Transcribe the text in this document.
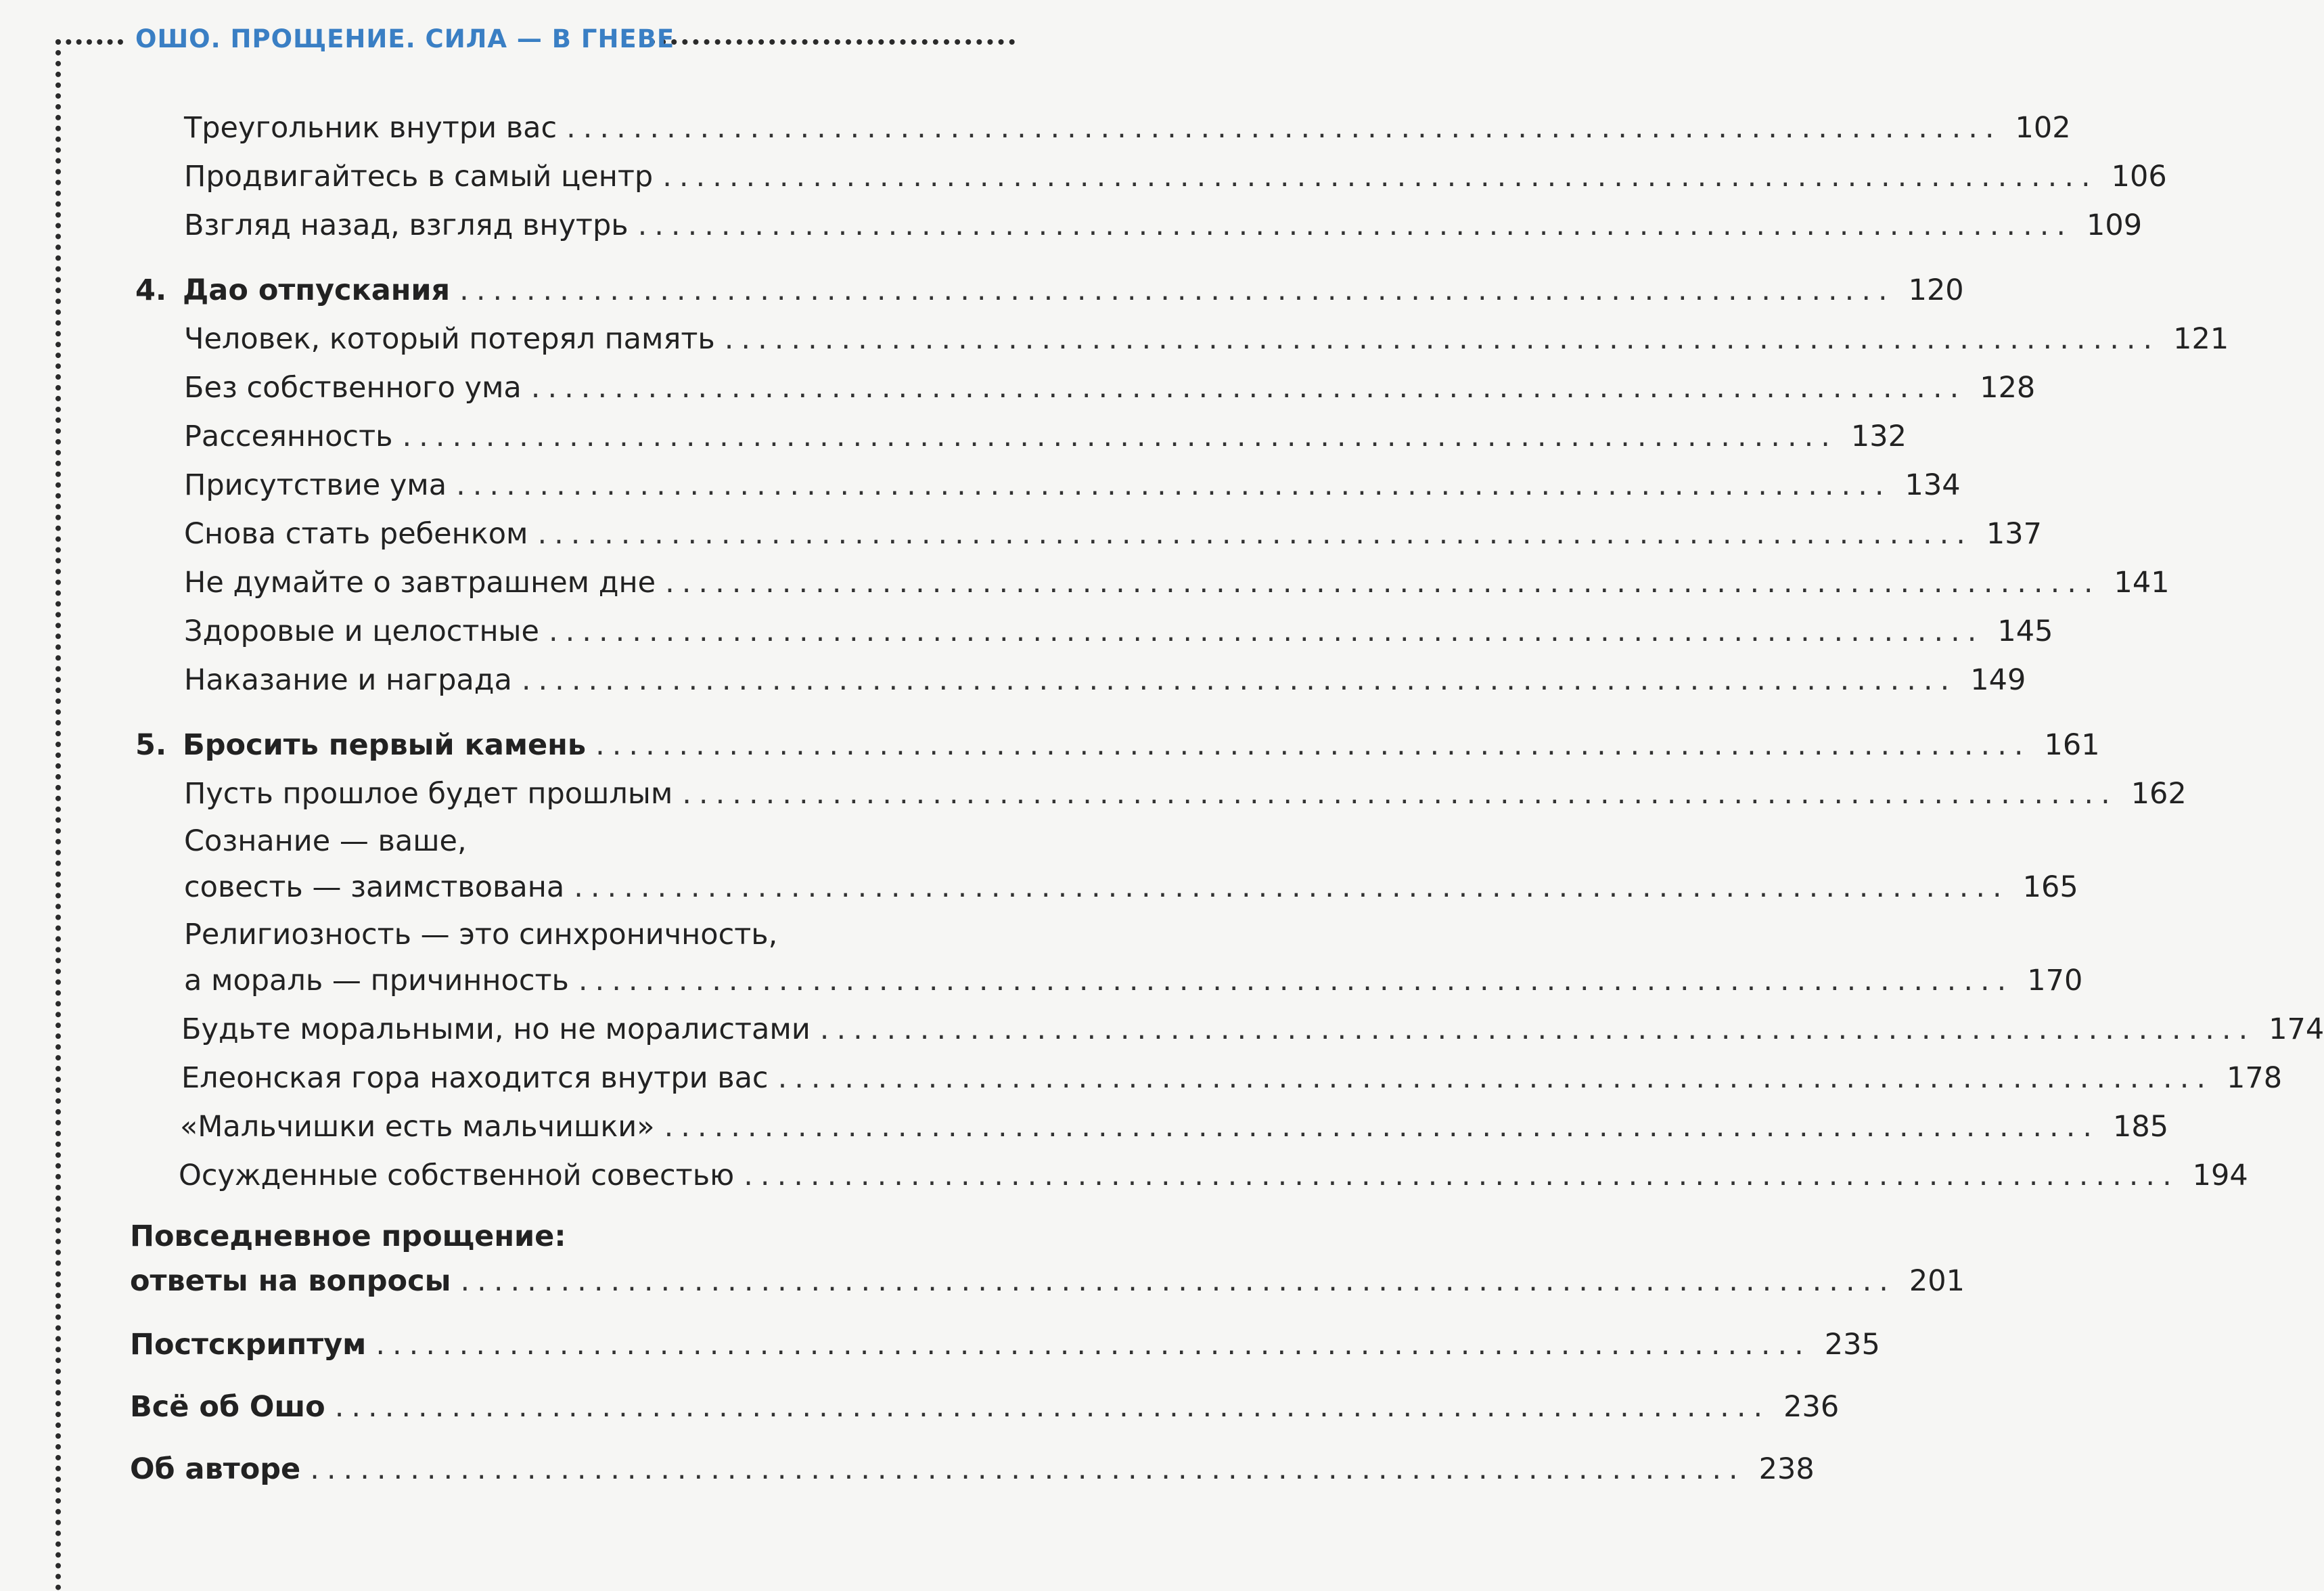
ОШО. ПРОЩЕНИЕ. СИЛА — В ГНЕВЕ
Треугольник внутри вас ...................................................................................... 102
Продвигайтесь в самый центр ...................................................................................... 106
Взгляд назад, взгляд внутрь ...................................................................................... 109
4. Дао отпускания ...................................................................................... 120
Человек, который потерял память ...................................................................................... 121
Без собственного ума ...................................................................................... 128
Рассеянность ...................................................................................... 132
Присутствие ума ...................................................................................... 134
Снова стать ребенком ...................................................................................... 137
Не думайте о завтрашнем дне ...................................................................................... 141
Здоровые и целостные ...................................................................................... 145
Наказание и награда ...................................................................................... 149
5. Бросить первый камень ...................................................................................... 161
Пусть прошлое будет прошлым ...................................................................................... 162
Сознание — ваше,
совесть — заимствована ...................................................................................... 165
Религиозность — это синхроничность,
а мораль — причинность ...................................................................................... 170
Будьте моральными, но не моралистами ...................................................................................... 174
Елеонская гора находится внутри вас ...................................................................................... 178
«Мальчишки есть мальчишки» ...................................................................................... 185
Осужденные собственной совестью ...................................................................................... 194
Повседневное прощение:
ответы на вопросы ...................................................................................... 201
Постскриптум ...................................................................................... 235
Всё об Ошо ...................................................................................... 236
Об авторе ...................................................................................... 238
